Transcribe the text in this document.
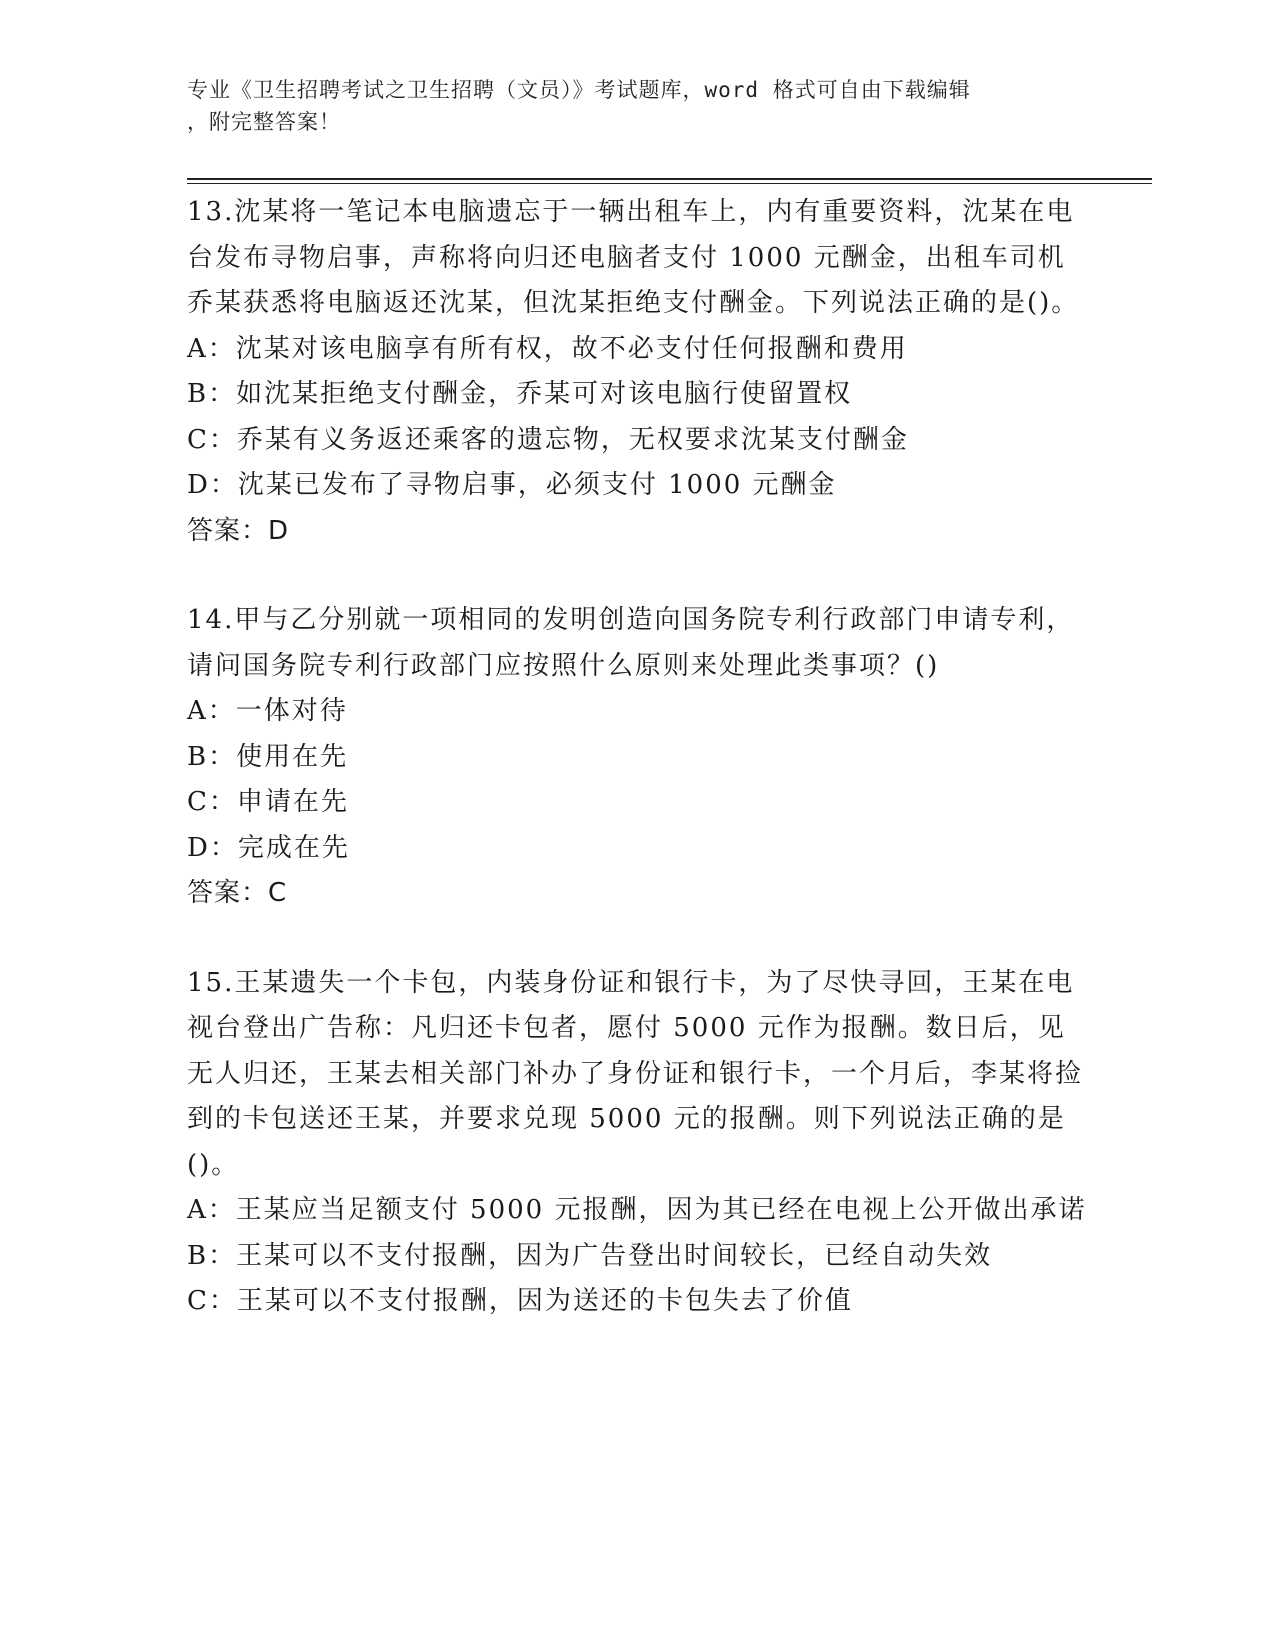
专业《卫生招聘考试之卫生招聘（文员）》考试题库，word 格式可自由下载编辑
，附完整答案！

13.沈某将一笔记本电脑遗忘于一辆出租车上，内有重要资料，沈某在电台发布寻物启事，声称将向归还电脑者支付 1000 元酬金，出租车司机乔某获悉将电脑返还沈某，但沈某拒绝支付酬金。下列说法正确的是()。

A：沈某对该电脑享有所有权，故不必支付任何报酬和费用

B：如沈某拒绝支付酬金，乔某可对该电脑行使留置权

C：乔某有义务返还乘客的遗忘物，无权要求沈某支付酬金

D：沈某已发布了寻物启事，必须支付 1000 元酬金

答案：D

14.甲与乙分别就一项相同的发明创造向国务院专利行政部门申请专利，请问国务院专利行政部门应按照什么原则来处理此类事项？()

A：一体对待

B：使用在先

C：申请在先

D：完成在先

答案：C

15.王某遗失一个卡包，内装身份证和银行卡，为了尽快寻回，王某在电视台登出广告称：凡归还卡包者，愿付 5000 元作为报酬。数日后，见无人归还，王某去相关部门补办了身份证和银行卡，一个月后，李某将捡到的卡包送还王某，并要求兑现 5000 元的报酬。则下列说法正确的是()。

A：王某应当足额支付 5000 元报酬，因为其已经在电视上公开做出承诺

B：王某可以不支付报酬，因为广告登出时间较长，已经自动失效

C：王某可以不支付报酬，因为送还的卡包失去了价值
